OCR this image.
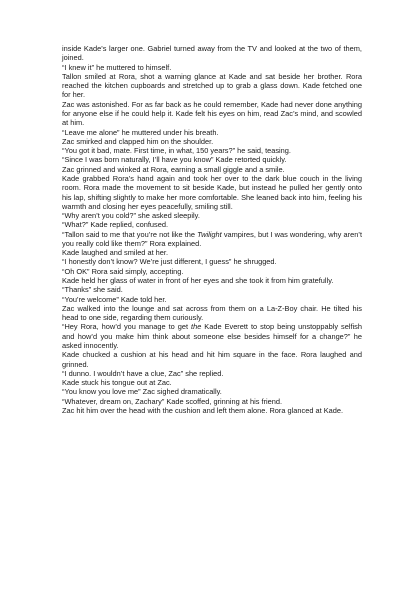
inside Kade’s larger one. Gabriel turned away from the TV and looked at the two of them, joined.

“I knew it” he muttered to himself.

Tallon smiled at Rora, shot a warning glance at Kade and sat beside her brother. Rora reached the kitchen cupboards and stretched up to grab a glass down. Kade fetched one for her.

Zac was astonished. For as far back as he could remember, Kade had never done anything for anyone else if he could help it. Kade felt his eyes on him, read Zac’s mind, and scowled at him.

“Leave me alone” he muttered under his breath.

Zac smirked and clapped him on the shoulder.

“You got it bad, mate. First time, in what, 150 years?” he said, teasing.

“Since I was born naturally, I’ll have you know” Kade retorted quickly.

Zac grinned and winked at Rora, earning a small giggle and a smile.

Kade grabbed Rora’s hand again and took her over to the dark blue couch in the living room. Rora made the movement to sit beside Kade, but instead he pulled her gently onto his lap, shifting slightly to make her more comfortable. She leaned back into him, feeling his warmth and closing her eyes peacefully, smiling still.

“Why aren’t you cold?” she asked sleepily.

“What?” Kade replied, confused.

“Tallon said to me that you’re not like the Twilight vampires, but I was wondering, why aren’t you really cold like them?” Rora explained.

Kade laughed and smiled at her.

“I honestly don’t know? We’re just different, I guess” he shrugged.

“Oh OK” Rora said simply, accepting.

Kade held her glass of water in front of her eyes and she took it from him gratefully.

“Thanks” she said.

“You’re welcome” Kade told her.

Zac walked into the lounge and sat across from them on a La-Z-Boy chair. He tilted his head to one side, regarding them curiously.

“Hey Rora, how’d you manage to get the Kade Everett to stop being unstoppably selfish and how’d you make him think about someone else besides himself for a change?” he asked innocently.

Kade chucked a cushion at his head and hit him square in the face. Rora laughed and grinned.

“I dunno. I wouldn’t have a clue, Zac” she replied.

Kade stuck his tongue out at Zac.

“You know you love me” Zac sighed dramatically.

“Whatever, dream on, Zachary” Kade scoffed, grinning at his friend.

Zac hit him over the head with the cushion and left them alone. Rora glanced at Kade.
